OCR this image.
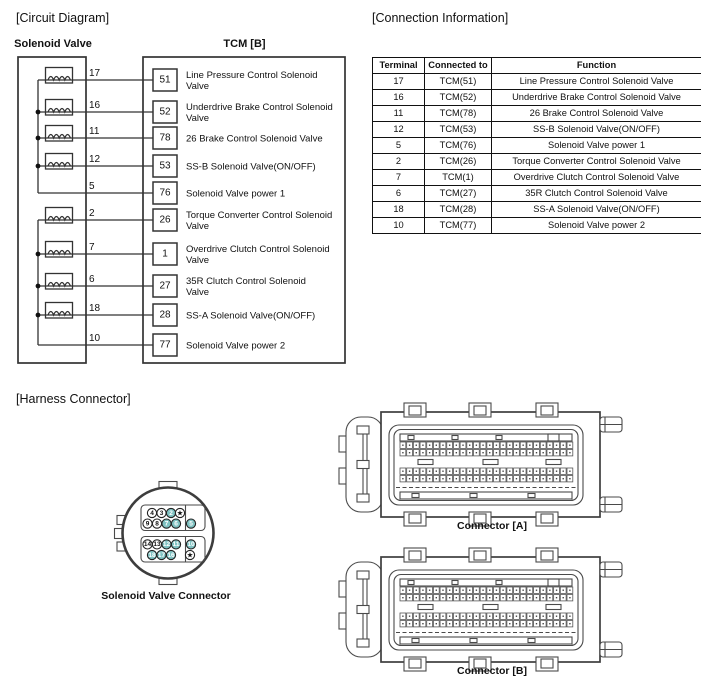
17
51 Line Pressure Control Solenoid
Valve
16
52 Underdrive Brake Control Solenoid
Valve
11
78 26 Brake Control Solenoid Valve
12
53 SS-B Solenoid Valve(ON/OFF)
5
76 Solenoid Valve power 1
2
26 Torque Converter Control Solenoid
Valve
7
1 Overdrive Clutch Control Solenoid
Valve
6
27 35R Clutch Control Solenoid
Valve
18
28 SS-A Solenoid Valve(ON/OFF)
10
77 Solenoid Valve power 2
4 3 2 ★
9 8 7 6 5
14 13 12 11 10
18 17 16 ★
[Circuit Diagram]	[Connection Information]
[Harness Connector]
Solenoid Valve	TCM [B]
Terminal	Connected to	Function
17	TCM(51)	Line Pressure Control Solenoid Valve
16	TCM(52)	Underdrive Brake Control Solenoid Valve
11	TCM(78)	26 Brake Control Solenoid Valve
12	TCM(53)	SS-B Solenoid Valve(ON/OFF)
5	TCM(76)	Solenoid Valve power 1
2	TCM(26)	Torque Converter Control Solenoid Valve
7	TCM(1)	Overdrive Clutch Control Solenoid Valve
6	TCM(27)	35R Clutch Control Solenoid Valve
18	TCM(28)	SS-A Solenoid Valve(ON/OFF)
10	TCM(77)	Solenoid Valve power 2
Solenoid Valve Connector
Connector [A]
Connector [B]
